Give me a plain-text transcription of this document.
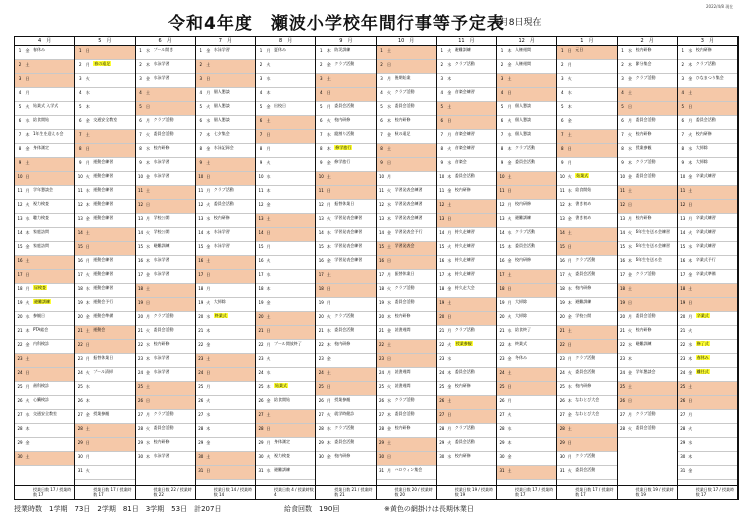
令和4年度　瀬波小学校年間行事等予定表
4月8日現在
2022/4/8 現在
4　月
1	金 春休み
2	土
3	日
4	月
5	火 始業式 入学式
6	水 給食開始
7	木 1年生を迎える会
8	金 身体測定
9	土
10 日
11 月 学年懇談会
12 火 視力検査
13 水 聴力検査
14 木 家庭訪問
15 金 家庭訪問
16 土
17 日
18 月	尿検査
19 火	避難訓練
20 水 参観日
21 木 PTA総会
22 金 内科検診
23 土
24 日
25 月 歯科検診
26 火 心臓検診
27 水 交通安全教室
28 木
29 金
30 土
授業日数 17 / 授業時数 17
5　月
1	日
2	月	春の遠足
3	火
4	水
5	木
6	金 交通安全教室
7	土
8	日
9	月 運動会練習
10 火 運動会練習
11 水 運動会練習
12 木 運動会練習
13 金 運動会練習
14 土
15 日
16 月 運動会練習
17 火 運動会練習
18 水 運動会練習
19 木 運動会予行
20 金 運動会準備
21 土 運動会
22 日
23 月 振替休業日
24 火 プール清掃
25 水
26 木
27 金 授業参観
28 土
29 日
30 月
31 火
授業日数 17 / 授業時数 17
6　月
1	水 プール開き
2	木 水泳学習
3	金 水泳学習
4	土
5	日
6	月 クラブ活動
7	火 委員会活動
8	水 校内研修
9	木 水泳学習
10 金 水泳学習
11 土
12 日
13 月 学校公開
14 火 学校公開
15 水 避難訓練
16 木 水泳学習
17 金 水泳学習
18 土
19 日
20 月 クラブ活動
21 火 委員会活動
22 水 校内研修
23 木 水泳学習
24 金 水泳学習
25 土
26 日
27 月 クラブ活動
28 火 委員会活動
29 水 校内研修
30 木 水泳学習
授業日数 22 / 授業時数 22
7　月
1	金 水泳学習
2	土
3	日
4	月 個人懇談
5	火 個人懇談
6	水 個人懇談
7	木 七夕集会
8	金 水泳記録会
9	土
10 日
11 月 クラブ活動
12 火 委員会活動
13 水 校内研修
14 木 水泳学習
15 金 水泳学習
16 土
17 日
18 月
19 火 大掃除
20 水	終業式
21 木
22 金
23 土
24 日
25 月
26 火
27 水
28 木
29 金
30 土
31 日
授業日数 14 / 授業時数 14
8　月
1	月 夏休み
2	火
3	水
4	木
5	金 出校日
6	土
7	日
8	月
9	火
10 水
11 木
12 金
13 土
14 日
15 月
16 火
17 水
18 木
19 金
20 土
21 日
22 月 プール開放終了
23 火
24 水
25 木	始業式
26 金 給食開始
27 土
28 日
29 月 身体測定
30 火 視力検査
31 水 避難訓練
授業日数 4 / 授業時数 4
9　月
1	木 防災訓練
2	金 クラブ活動
3	土
4	日
5	月 委員会活動
6	火 校内研修
7	水 縦割り活動
8	木	修学旅行
9	金 修学旅行
10 土
11 日
12 月 振替休業日
13 火 学習発表会練習
14 水 学習発表会練習
15 木 学習発表会練習
16 金 学習発表会練習
17 土
18 日
19 月
20 火 クラブ活動
21 水 委員会活動
22 木 校内研修
23 金
24 土
25 日
26 月 授業参観
27 火 就学時健診
28 水 クラブ活動
29 木 委員会活動
30 金 校内研修
授業日数 21 / 授業時数 21
10　月
1	土
2	日
3	月 後期始業
4	火 クラブ活動
5	水 委員会活動
6	木 校内研修
7	金 秋の遠足
8	土
9	日
10 月
11 火 学習発表会練習
12 水 学習発表会練習
13 木 学習発表会練習
14 金 学習発表会予行
15 土 学習発表会
16 日
17 月 振替休業日
18 火 クラブ活動
19 水 委員会活動
20 木 校内研修
21 金 読書週間
22 土
23 日
24 月 読書週間
25 火 読書週間
26 水 クラブ活動
27 木 委員会活動
28 金 校内研修
29 土
30 日
31 月 ハロウィン集会
授業日数 20 / 授業時数 20
11　月
1	火 避難訓練
2	水 クラブ活動
3	木
4	金 音楽会練習
5	土
6	日
7	月 音楽会練習
8	火 音楽会練習
9	水 音楽会
10 木 委員会活動
11 金 校内研修
12 土
13 日
14 月 持久走練習
15 火 持久走練習
16 水 持久走練習
17 木 持久走練習
18 金 持久走大会
19 土
20 日
21 月 クラブ活動
22 火	授業参観
23 水
24 木 委員会活動
25 金 校内研修
26 土
27 日
28 月 クラブ活動
29 火 委員会活動
30 水 校内研修
授業日数 19 / 授業時数 19
12　月
1	木 人権週間
2	金 人権週間
3	土
4	日
5	月 個人懇談
6	火 個人懇談
7	水 個人懇談
8	木 クラブ活動
9	金 委員会活動
10 土
11 日
12 月 校内研修
13 火 避難訓練
14 水 クラブ活動
15 木 委員会活動
16 金 校内研修
17 土
18 日
19 月 大掃除
20 火 大掃除
21 水 給食終了
22 木 終業式
23 金 冬休み
24 土
25 日
26 月
27 火
28 水
29 木
30 金
31 土
授業日数 17 / 授業時数 17
1　月
1	日 元日
2	月
3	火
4	水
5	木
6	金
7	土
8	日
9	月
10 火	始業式
11 水 給食開始
12 木 書き初め
13 金 書き初め
14 土
15 日
16 月 クラブ活動
17 火 委員会活動
18 水 校内研修
19 木 避難訓練
20 金 学校公開
21 土
22 日
23 月 クラブ活動
24 火 委員会活動
25 水 校内研修
26 木 なわとび大会
27 金 なわとび大会
28 土
29 日
30 月 クラブ活動
31 火 委員会活動
授業日数 17 / 授業時数 17
2　月
1	水 校内研修
2	木 節分集会
3	金 クラブ活動
4	土
5	日
6	月 委員会活動
7	火 校内研修
8	水 授業参観
9	木 クラブ活動
10 金 委員会活動
11 土
12 日
13 月 校内研修
14 火 6年生を送る会練習
15 水 6年生を送る会練習
16 木 6年生を送る会
17 金 クラブ活動
18 土
19 日
20 月 委員会活動
21 火 校内研修
22 水 避難訓練
23 木
24 金 学年懇談会
25 土
26 日
27 月 クラブ活動
28 火 委員会活動
授業日数 19 / 授業時数 19
3　月
1	水 校内研修
2	木 クラブ活動
3	金 ひなまつり集会
4	土
5	日
6	月 委員会活動
7	火 校内研修
8	水 大掃除
9	木 大掃除
10 金 卒業式練習
11 土
12 日
13 月 卒業式練習
14 火 卒業式練習
15 水 卒業式練習
16 木 卒業式予行
17 金 卒業式準備
18 土
19 日
20 月	卒業式
21 火
22 水	修了式
23 木	春休み
24 金	離任式
25 土
26 日
27 月
28 火
29 水
30 木
31 金
授業日数 17 / 授業時数 17
授業時数　1学期　73日　2学期　81日　3学期　53日　計207日	給食回数　190回	※黄色の網掛けは長期休業日
